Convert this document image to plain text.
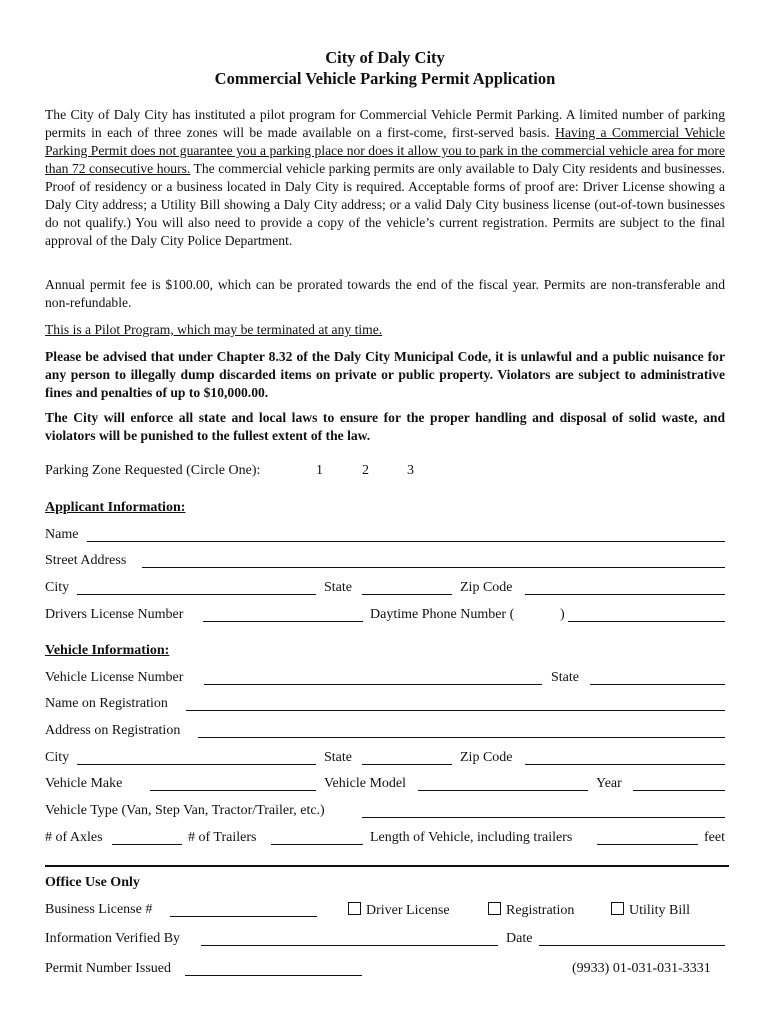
City of Daly City
Commercial Vehicle Parking Permit Application

The City of Daly City has instituted a pilot program for Commercial Vehicle Permit Parking. A limited number of parking permits in each of three zones will be made available on a first-come, first-served basis. Having a Commercial Vehicle Parking Permit does not guarantee you a parking place nor does it allow you to park in the commercial vehicle area for more than 72 consecutive hours. The commercial vehicle parking permits are only available to Daly City residents and businesses. Proof of residency or a business located in Daly City is required. Acceptable forms of proof are: Driver License showing a Daly City address; a Utility Bill showing a Daly City address; or a valid Daly City business license (out-of-town businesses do not qualify.) You will also need to provide a copy of the vehicle’s current registration. Permits are subject to the final approval of the Daly City Police Department.

Annual permit fee is $100.00, which can be prorated towards the end of the fiscal year. Permits are non-transferable and non-refundable.

This is a Pilot Program, which may be terminated at any time.

Please be advised that under Chapter 8.32 of the Daly City Municipal Code, it is unlawful and a public nuisance for any person to illegally dump discarded items on private or public property. Violators are subject to administrative fines and penalties of up to $10,000.00.

The City will enforce all state and local laws to ensure for the proper handling and disposal of solid waste, and violators will be punished to the fullest extent of the law.

Parking Zone Requested (Circle One):	1	2	3
Applicant Information:
Name
Street Address
City	State	Zip Code
Drivers License Number	Daytime Phone Number (	)
Vehicle Information:
Vehicle License Number	State
Name on Registration
Address on Registration
City	State	Zip Code
Vehicle Make	Vehicle Model	Year
Vehicle Type (Van, Step Van, Tractor/Trailer, etc.)
# of Axles	# of Trailers	Length of Vehicle, including trailers	feet
Office Use Only
Business License #	Driver License	Registration	Utility Bill
Information Verified By	Date
Permit Number Issued	(9933) 01-031-031-3331
